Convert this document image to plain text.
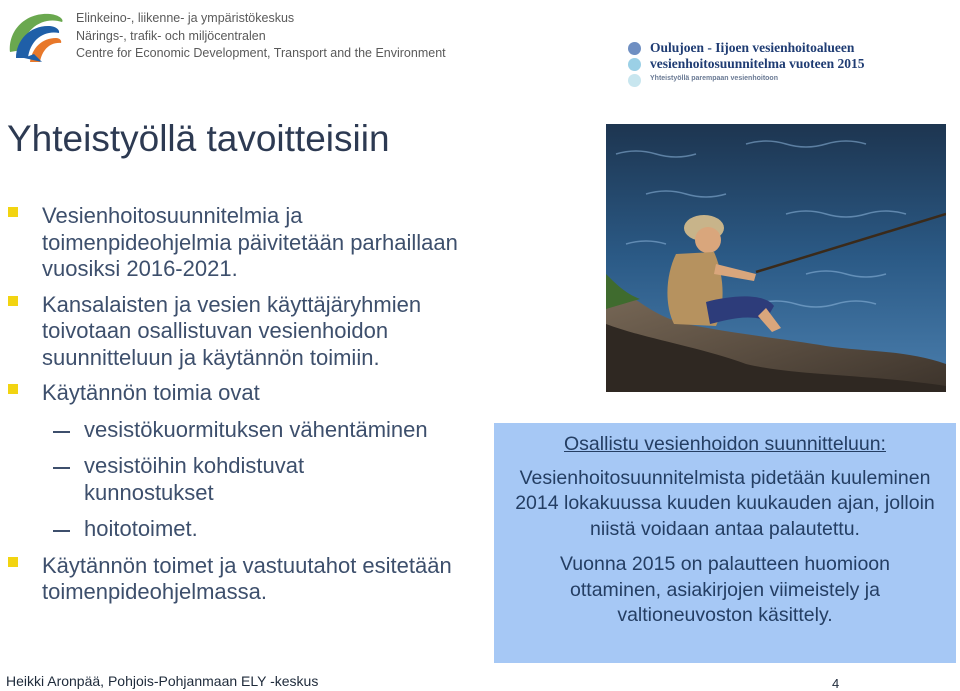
Elinkeino-, liikenne- ja ympäristökeskus
Närings-, trafik- och miljöcentralen
Centre for Economic Development, Transport and the Environment	Oulujoen - Iijoen vesienhoitoalueen
vesienhoitosuunnitelma vuoteen 2015
Yhteistyöllä parempaan vesienhoitoon
Yhteistyöllä tavoitteisiin
Vesienhoitosuunnitelmia ja toimenpideohjelmia päivitetään parhaillaan vuosiksi 2016-2021.
Kansalaisten ja vesien käyttäjäryhmien toivotaan osallistuvan vesienhoidon suunnitteluun ja käytännön toimiin.
Käytännön toimia ovat
vesistökuormituksen vähentäminen
vesistöihin kohdistuvat kunnostukset
hoitotoimet.
Käytännön toimet ja vastuutahot esitetään toimenpideohjelmassa.
Osallistu vesienhoidon suunnitteluun:
Vesienhoitosuunnitelmista pidetään kuuleminen 2014 lokakuussa kuuden kuukauden ajan, jolloin niistä voidaan antaa palautettu.
Vuonna 2015 on palautteen huomioon ottaminen, asiakirjojen viimeistely ja valtioneuvoston käsittely.
Heikki Aronpää, Pohjois-Pohjanmaan ELY -keskus	4
